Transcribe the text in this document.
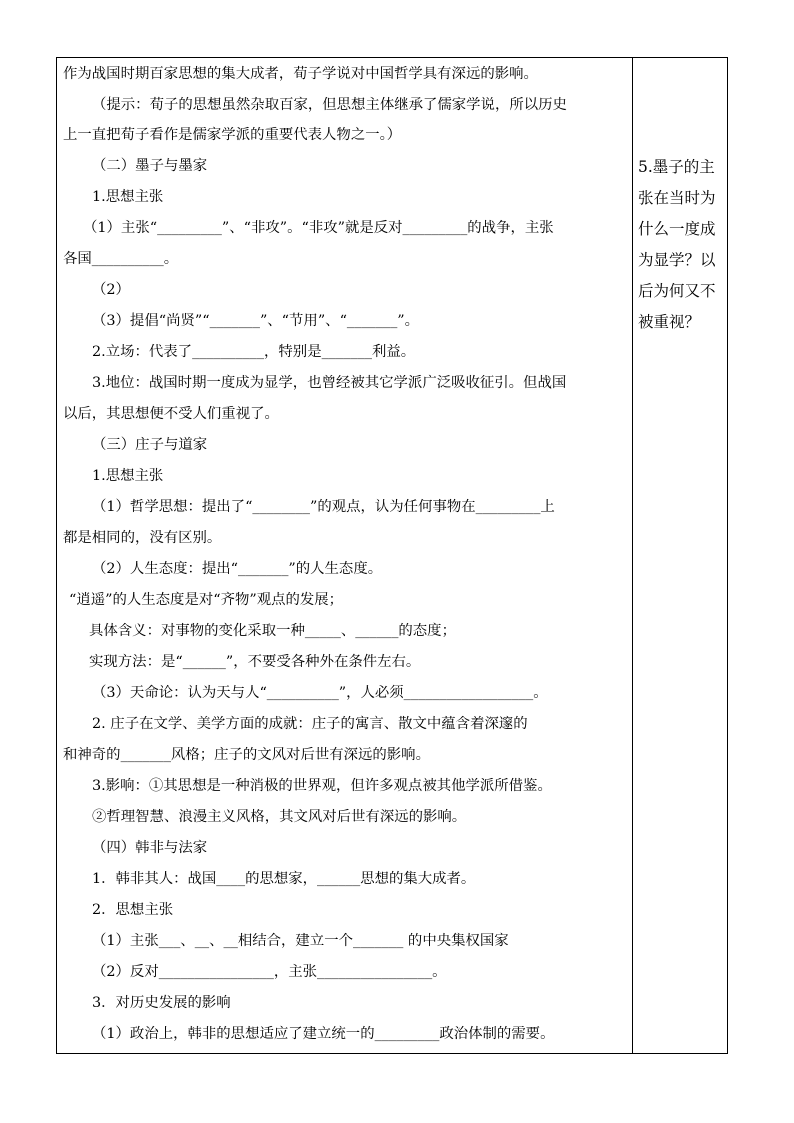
作为战国时期百家思想的集大成者，荀子学说对中国哲学具有深远的影响。
（提示：荀子的思想虽然杂取百家，但思想主体继承了儒家学说，所以历史
上一直把荀子看作是儒家学派的重要代表人物之一。）
（二）墨子与墨家
1.思想主张
（1）主张“_________”、“非攻”。“非攻”就是反对_________的战争，主张
各国__________。
（2）
（3）提倡“尚贤”“_______”、“节用”、“_______”。
2.立场：代表了__________，特别是_______利益。
3.地位：战国时期一度成为显学，也曾经被其它学派广泛吸收征引。但战国
以后，其思想便不受人们重视了。
（三）庄子与道家
1.思想主张
（1）哲学思想：提出了“________”的观点，认为任何事物在_________上
都是相同的，没有区别。
（2）人生态度：提出“_______”的人生态度。
“逍遥”的人生态度是对“齐物”观点的发展；
具体含义：对事物的变化采取一种_____、______的态度；
实现方法：是“______”，不要受各种外在条件左右。
（3）天命论：认为天与人“__________”，人必须__________________。
2. 庄子在文学、美学方面的成就：庄子的寓言、散文中蕴含着深邃的
和神奇的_______风格；庄子的文风对后世有深远的影响。
3.影响：①其思想是一种消极的世界观，但许多观点被其他学派所借鉴。
②哲理智慧、浪漫主义风格，其文风对后世有深远的影响。
（四）韩非与法家
1．韩非其人：战国____的思想家，______思想的集大成者。
2．思想主张
（1）主张___、__、__相结合，建立一个_______ 的中央集权国家
（2）反对________________，主张________________。
3．对历史发展的影响
（1）政治上，韩非的思想适应了建立统一的_________政治体制的需要。
5.墨子的主
张在当时为
什么一度成
为显学？以
后为何又不
被重视？
